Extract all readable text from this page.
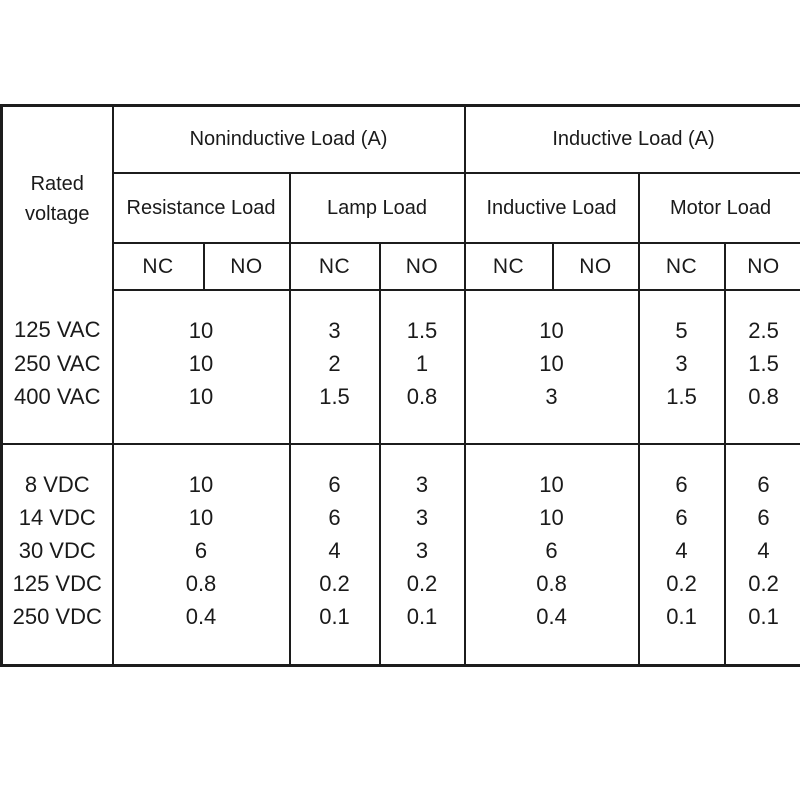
Rated
voltage	Noninductive Load (A)				Inductive Load (A)			
	Resistance Load		Lamp Load		Inductive Load		Motor Load	
	NC	NO	NC	NO	NC	NO	NC	NO
125 VAC	10		3	1.5	10		5	2.5
250 VAC	10		2	1	10		3	1.5
400 VAC	10		1.5	0.8	3		1.5	0.8
8 VDC	10		6	3	10		6	6
14 VDC	10		6	3	10		6	6
30 VDC	6		4	3	6		4	4
125 VDC	0.8		0.2	0.2	0.8		0.2	0.2
250 VDC	0.4		0.1	0.1	0.4		0.1	0.1
